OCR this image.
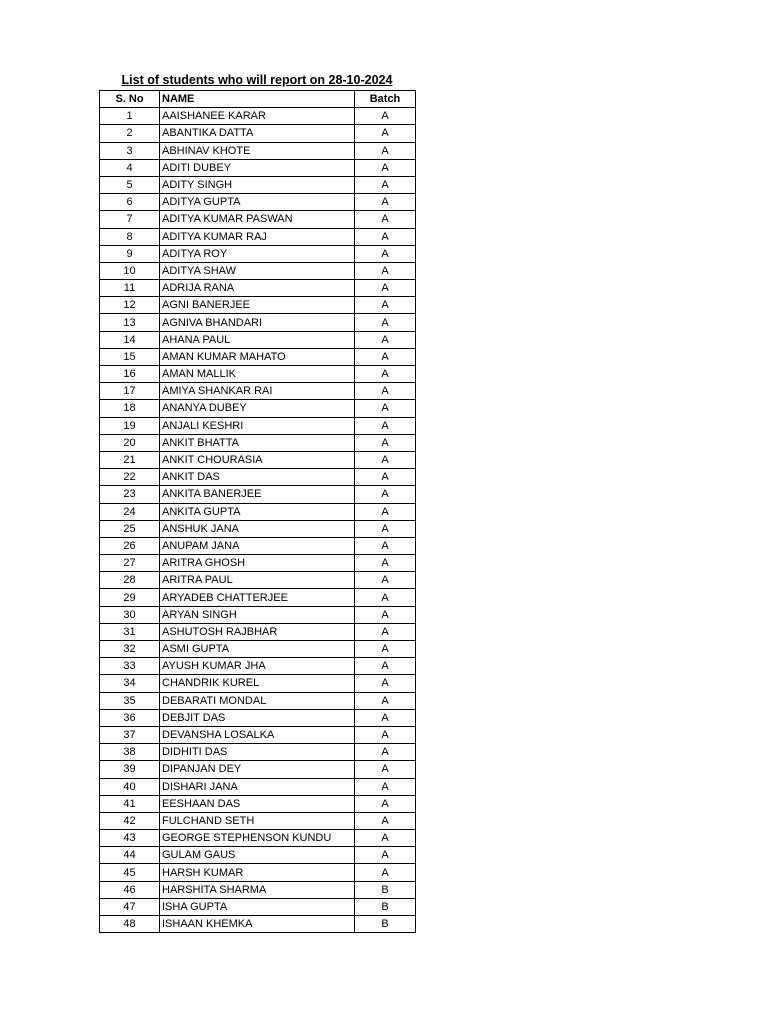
List of students who will report on 28-10-2024
S. No	NAME	Batch
1	AAISHANEE KARAR	A
2	ABANTIKA DATTA	A
3	ABHINAV KHOTE	A
4	ADITI DUBEY	A
5	ADITY SINGH	A
6	ADITYA GUPTA	A
7	ADITYA KUMAR PASWAN	A
8	ADITYA KUMAR RAJ	A
9	ADITYA ROY	A
10	ADITYA SHAW	A
11	ADRIJA RANA	A
12	AGNI BANERJEE	A
13	AGNIVA BHANDARI	A
14	AHANA PAUL	A
15	AMAN KUMAR MAHATO	A
16	AMAN MALLIK	A
17	AMIYA SHANKAR RAI	A
18	ANANYA DUBEY	A
19	ANJALI KESHRI	A
20	ANKIT BHATTA	A
21	ANKIT CHOURASIA	A
22	ANKIT DAS	A
23	ANKITA BANERJEE	A
24	ANKITA GUPTA	A
25	ANSHUK JANA	A
26	ANUPAM JANA	A
27	ARITRA GHOSH	A
28	ARITRA PAUL	A
29	ARYADEB CHATTERJEE	A
30	ARYAN SINGH	A
31	ASHUTOSH RAJBHAR	A
32	ASMI GUPTA	A
33	AYUSH KUMAR JHA	A
34	CHANDRIK KUREL	A
35	DEBARATI MONDAL	A
36	DEBJIT DAS	A
37	DEVANSHA LOSALKA	A
38	DIDHITI DAS	A
39	DIPANJAN DEY	A
40	DISHARI JANA	A
41	EESHAAN DAS	A
42	FULCHAND SETH	A
43	GEORGE STEPHENSON KUNDU	A
44	GULAM GAUS	A
45	HARSH KUMAR	A
46	HARSHITA SHARMA	B
47	ISHA GUPTA	B
48	ISHAAN KHEMKA	B
